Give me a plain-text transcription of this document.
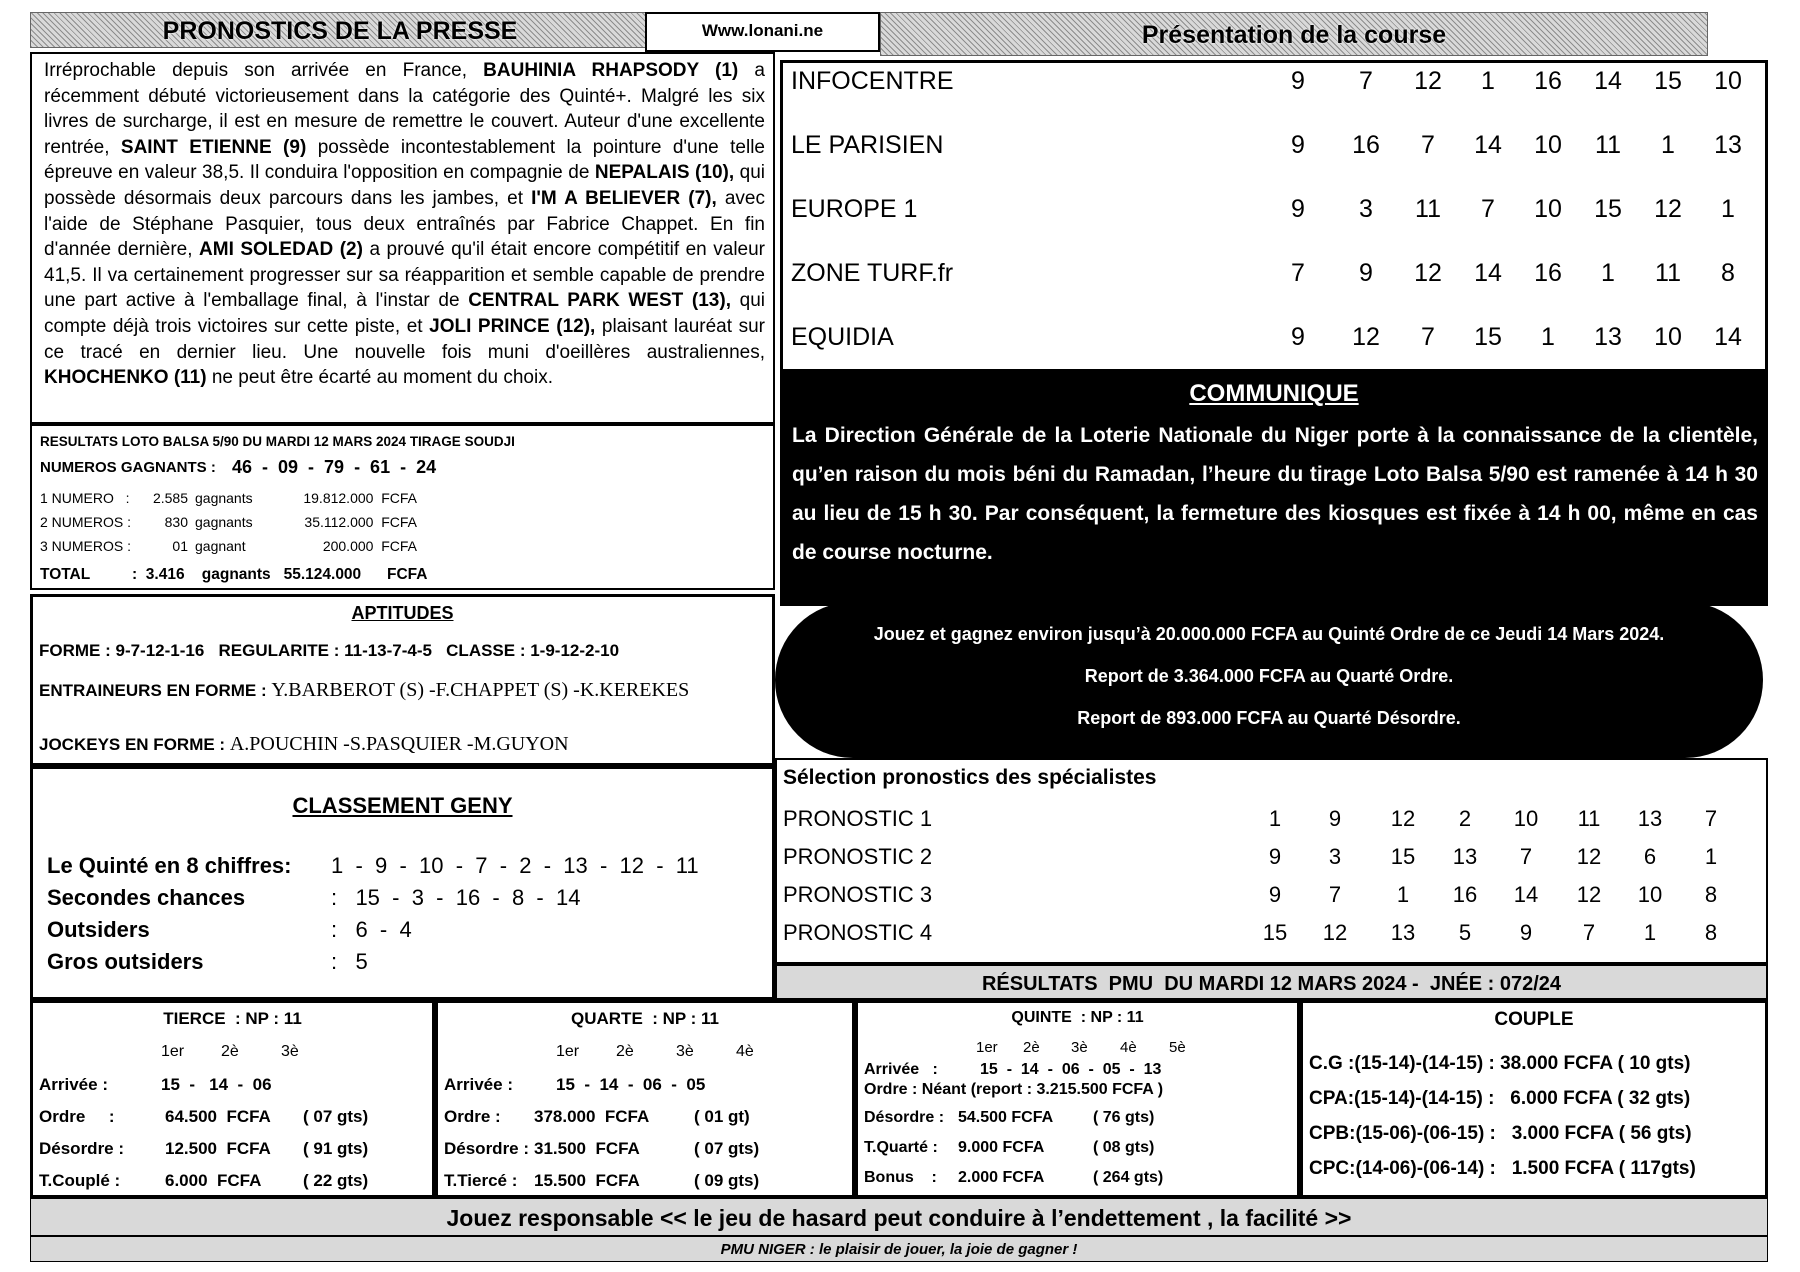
PRONOSTICS DE LA PRESSE	Www.lonani.ne	Présentation de la course
Irréprochable depuis son arrivée en France, BAUHINIA RHAPSODY (1) a récemment débuté victorieusement dans la catégorie des Quinté+. Malgré les six livres de surcharge, il est en mesure de remettre le couvert. Auteur d'une excellente rentrée, SAINT ETIENNE (9) possède incontestablement la pointure d'une telle épreuve en valeur 38,5. Il conduira l'opposition en compagnie de NEPALAIS (10), qui possède désormais deux parcours dans les jambes, et I'M A BELIEVER (7), avec l'aide de Stéphane Pasquier, tous deux entraînés par Fabrice Chappet. En fin d'année dernière, AMI SOLEDAD (2) a prouvé qu'il était encore compétitif en valeur 41,5. Il va certainement progresser sur sa réapparition et semble capable de prendre une part active à l'emballage final, à l'instar de CENTRAL PARK WEST (13), qui compte déjà trois victoires sur cette piste, et JOLI PRINCE (12), plaisant lauréat sur ce tracé en dernier lieu. Une nouvelle fois muni d'oeillères australiennes, KHOCHENKO (11) ne peut être écarté au moment du choix.
INFOCENTRE	9	7	12	1	16 14 15 10
LE PARISIEN	9	16	7	14 10 11	1	13
EUROPE 1	9	3	11	7	10 15 12	1
ZONE TURF.fr	7	9	12 14 16	1	11	8
EQUIDIA	9	12	7	15	1	13 10 14
RESULTATS LOTO BALSA 5/90 DU MARDI 12 MARS 2024 TIRAGE SOUDJI
NUMEROS GAGNANTS : 46  -  09  -  79  -  61  -  24
1 NUMERO   :	2.585 gagnants	19.812.000  FCFA
2 NUMEROS :	830 gagnants	35.112.000  FCFA
3 NUMEROS :	01 gagnant	200.000  FCFA
TOTAL	:  3.416    gagnants   55.124.000      FCFA
COMMUNIQUE
La Direction Générale de la Loterie Nationale du Niger porte à la connaissance de la clientèle, qu’en raison du mois béni du Ramadan, l’heure du tirage Loto Balsa 5/90 est ramenée à 14 h 30 au lieu de 15 h 30. Par conséquent, la fermeture des kiosques est fixée à 14 h 00, même en cas de course nocturne.
Jouez et gagnez environ jusqu’à 20.000.000 FCFA au Quinté Ordre de ce Jeudi 14 Mars 2024.
Report de 3.364.000 FCFA au Quarté Ordre.
Report de 893.000 FCFA au Quarté Désordre.
APTITUDES
FORME : 9-7-12-1-16   REGULARITE : 11-13-7-4-5   CLASSE : 1-9-12-2-10
ENTRAINEURS EN FORME : Y.BARBEROT (S) -F.CHAPPET (S) -K.KEREKES
JOCKEYS EN FORME : A.POUCHIN -S.PASQUIER -M.GUYON
CLASSEMENT GENY
Le Quinté en 8 chiffres: 1  -  9  -  10  -  7  -  2  -  13  -  12  -  11
Secondes chances	:   15  -  3  -  16  -  8  -  14
Outsiders	:   6  -  4
Gros outsiders	:   5
Sélection pronostics des spécialistes
PRONOSTIC 1	1	9	12	2	10	11	13	7
PRONOSTIC 2	9	3	15	13	7	12	6	1
PRONOSTIC 3	9	7	1	16	14	12	10	8
PRONOSTIC 4	15	12	13	5	9	7	1	8
RÉSULTATS  PMU  DU MARDI 12 MARS 2024 -  JNÉE : 072/24
TIERCE  : NP : 11
1er 2è	3è
Arrivée :	15  -   14  -  06
Ordre     :	64.500  FCFA ( 07 gts)
Désordre : 12.500  FCFA ( 91 gts)
T.Couplé :	6.000  FCFA ( 22 gts)
QUARTE  : NP : 11
1er 2è	3è	4è
Arrivée :	15  -  14  -  06  -  05
Ordre : 378.000  FCFA	( 01 gt)
Désordre : 31.500  FCFA	( 07 gts)
T.Tiercé : 15.500  FCFA	( 09 gts)
QUINTE  : NP : 11
1er 2è 3è 4è 5è
Arrivée   :	15  -  14  -  06  -  05  -  13
Ordre : Néant (report : 3.215.500 FCFA )
Désordre : 54.500 FCFA ( 76 gts)
T.Quarté : 9.000 FCFA	( 08 gts)
Bonus    : 2.000 FCFA	( 264 gts)
COUPLE
C.G :(15-14)-(14-15) : 38.000 FCFA ( 10 gts)
CPA:(15-14)-(14-15) :   6.000 FCFA ( 32 gts)
CPB:(15-06)-(06-15) :   3.000 FCFA ( 56 gts)
CPC:(14-06)-(06-14) :   1.500 FCFA ( 117gts)
Jouez responsable << le jeu de hasard peut conduire à l’endettement , la facilité >>
PMU NIGER : le plaisir de jouer, la joie de gagner !
